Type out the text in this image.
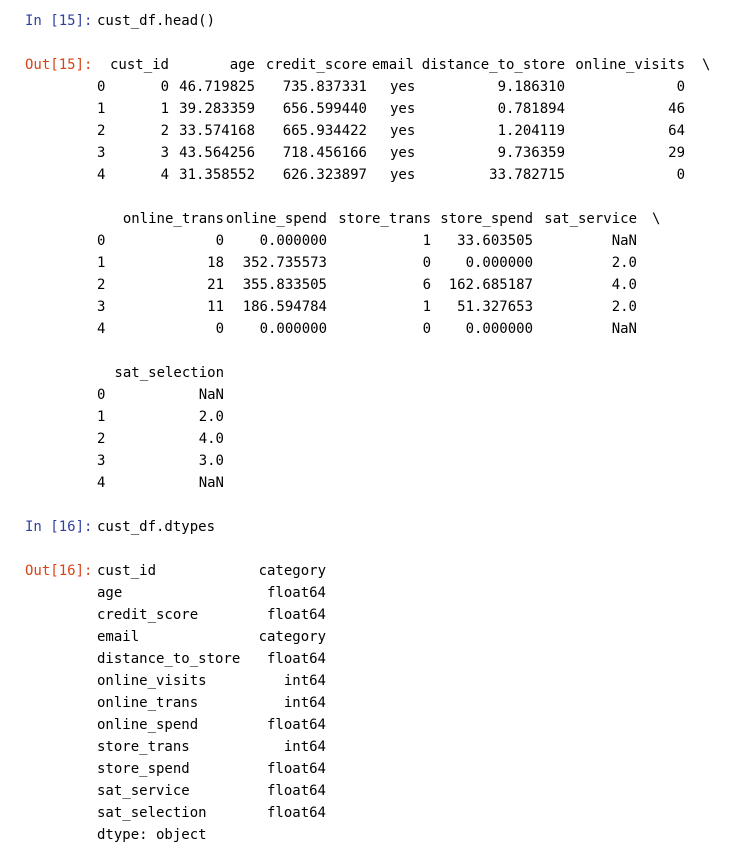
In [15]: cust_df.head()
Out[15]: cust_id	age credit_score email distance_to_store online_visits \
0	0 46.719825 735.837331 yes	9.186310	0
1	1 39.283359 656.599440 yes	0.781894	46
2	2 33.574168 665.934422 yes	1.204119	64
3	3 43.564256 718.456166 yes	9.736359	29
4	4 31.358552 626.323897 yes	33.782715	0
online_trans online_spend store_trans store_spend sat_service \
0	0	0.000000	1 33.603505	NaN
1	18 352.735573	0 0.000000	2.0
2	21 355.833505	6 162.685187	4.0
3	11 186.594784	1 51.327653	2.0
4	0	0.000000	0 0.000000	NaN
sat_selection
0	NaN
1	2.0
2	4.0
3	3.0
4	NaN
In [16]: cust_df.dtypes
Out[16]: cust_id	category
age	float64
credit_score	float64
email	category
distance_to_store float64
online_visits	int64
online_trans	int64
online_spend	float64
store_trans	int64
store_spend	float64
sat_service	float64
sat_selection	float64
dtype: object
